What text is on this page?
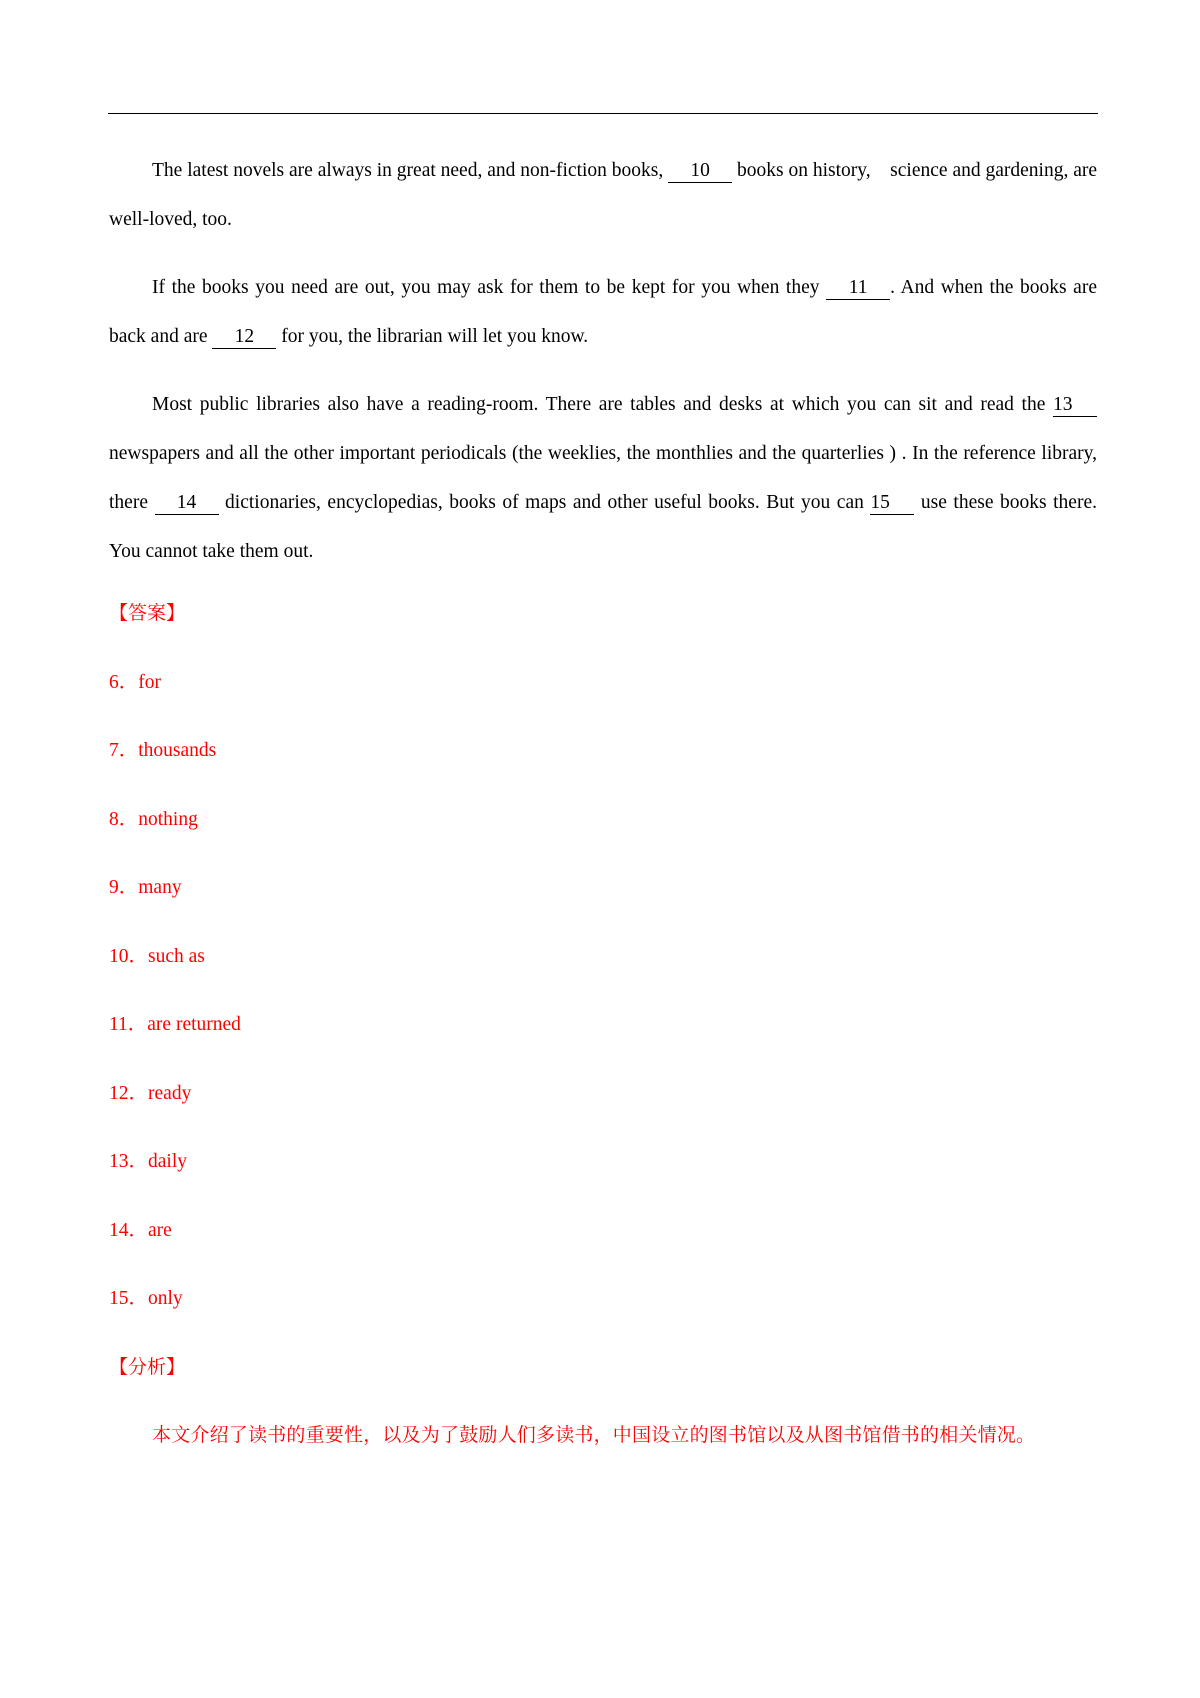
The latest novels are always in great need, and non-fiction books, 10 books on history,    science and gardening, are well-loved, too.

If the books you need are out, you may ask for them to be kept for you when they 11 . And when the books are back and are 12 for you, the librarian will let you know.

Most public libraries also have a reading-room. There are tables and desks at which you can sit and read the 13 newspapers and all the other important periodicals (the weeklies, the monthlies and the quarterlies ) . In the reference library, there 14 dictionaries, encyclopedias, books of maps and other useful books. But you can 15 use these books there. You cannot take them out.

【答案】
6．for
7．thousands
8．nothing
9．many
10．such as
11．are returned
12．ready
13．daily
14．are
15．only
【分析】

本文介绍了读书的重要性，以及为了鼓励人们多读书，中国设立的图书馆以及从图书馆借书的相关情况。
